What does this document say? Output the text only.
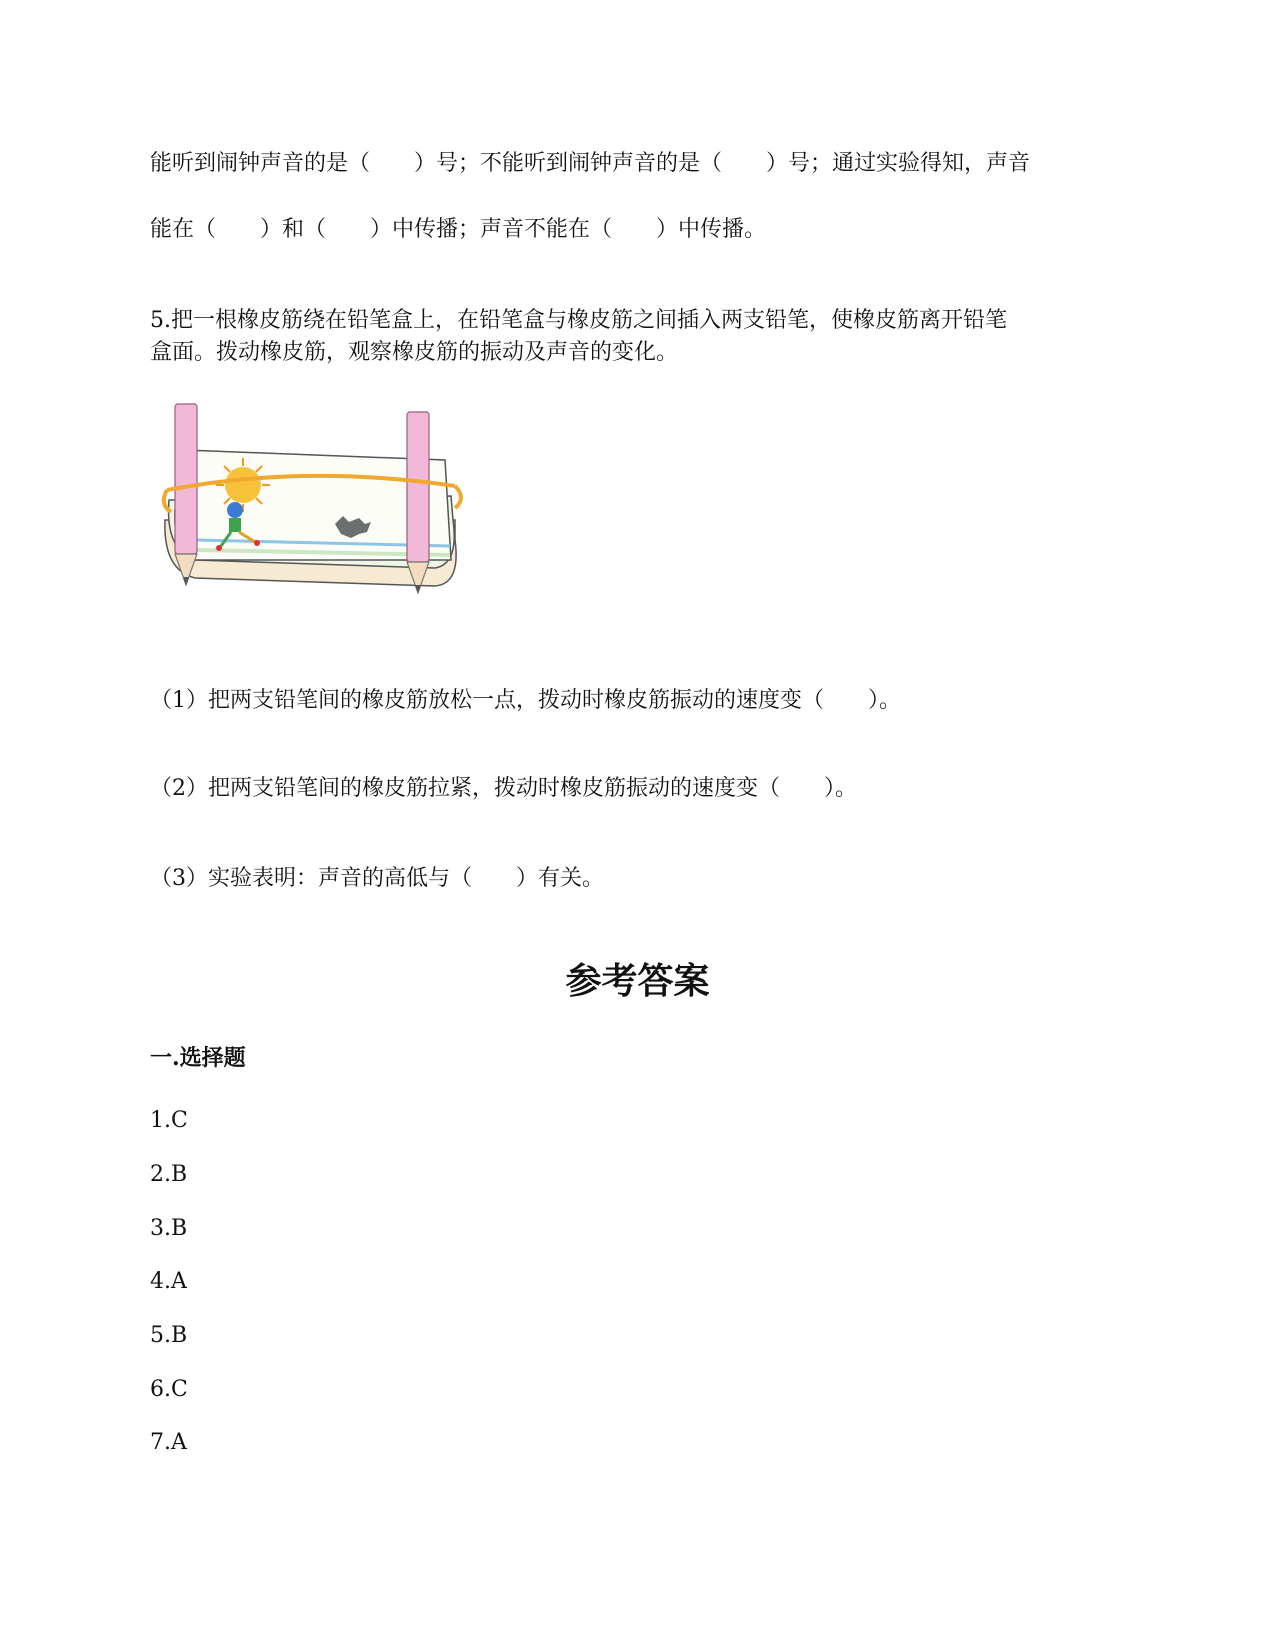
能听到闹钟声音的是（　　）号；不能听到闹钟声音的是（　　）号；通过实验得知，声音
能在（　　）和（　　）中传播；声音不能在（　　）中传播。
5.把一根橡皮筋绕在铅笔盒上，在铅笔盒与橡皮筋之间插入两支铅笔，使橡皮筋离开铅笔
盒面。拨动橡皮筋，观察橡皮筋的振动及声音的变化。
（1）把两支铅笔间的橡皮筋放松一点，拨动时橡皮筋振动的速度变（　　）。
（2）把两支铅笔间的橡皮筋拉紧，拨动时橡皮筋振动的速度变（　　）。
（3）实验表明：声音的高低与（　　）有关。
参考答案
一.选择题
1.C
2.B
3.B
4.A
5.B
6.C
7.A
